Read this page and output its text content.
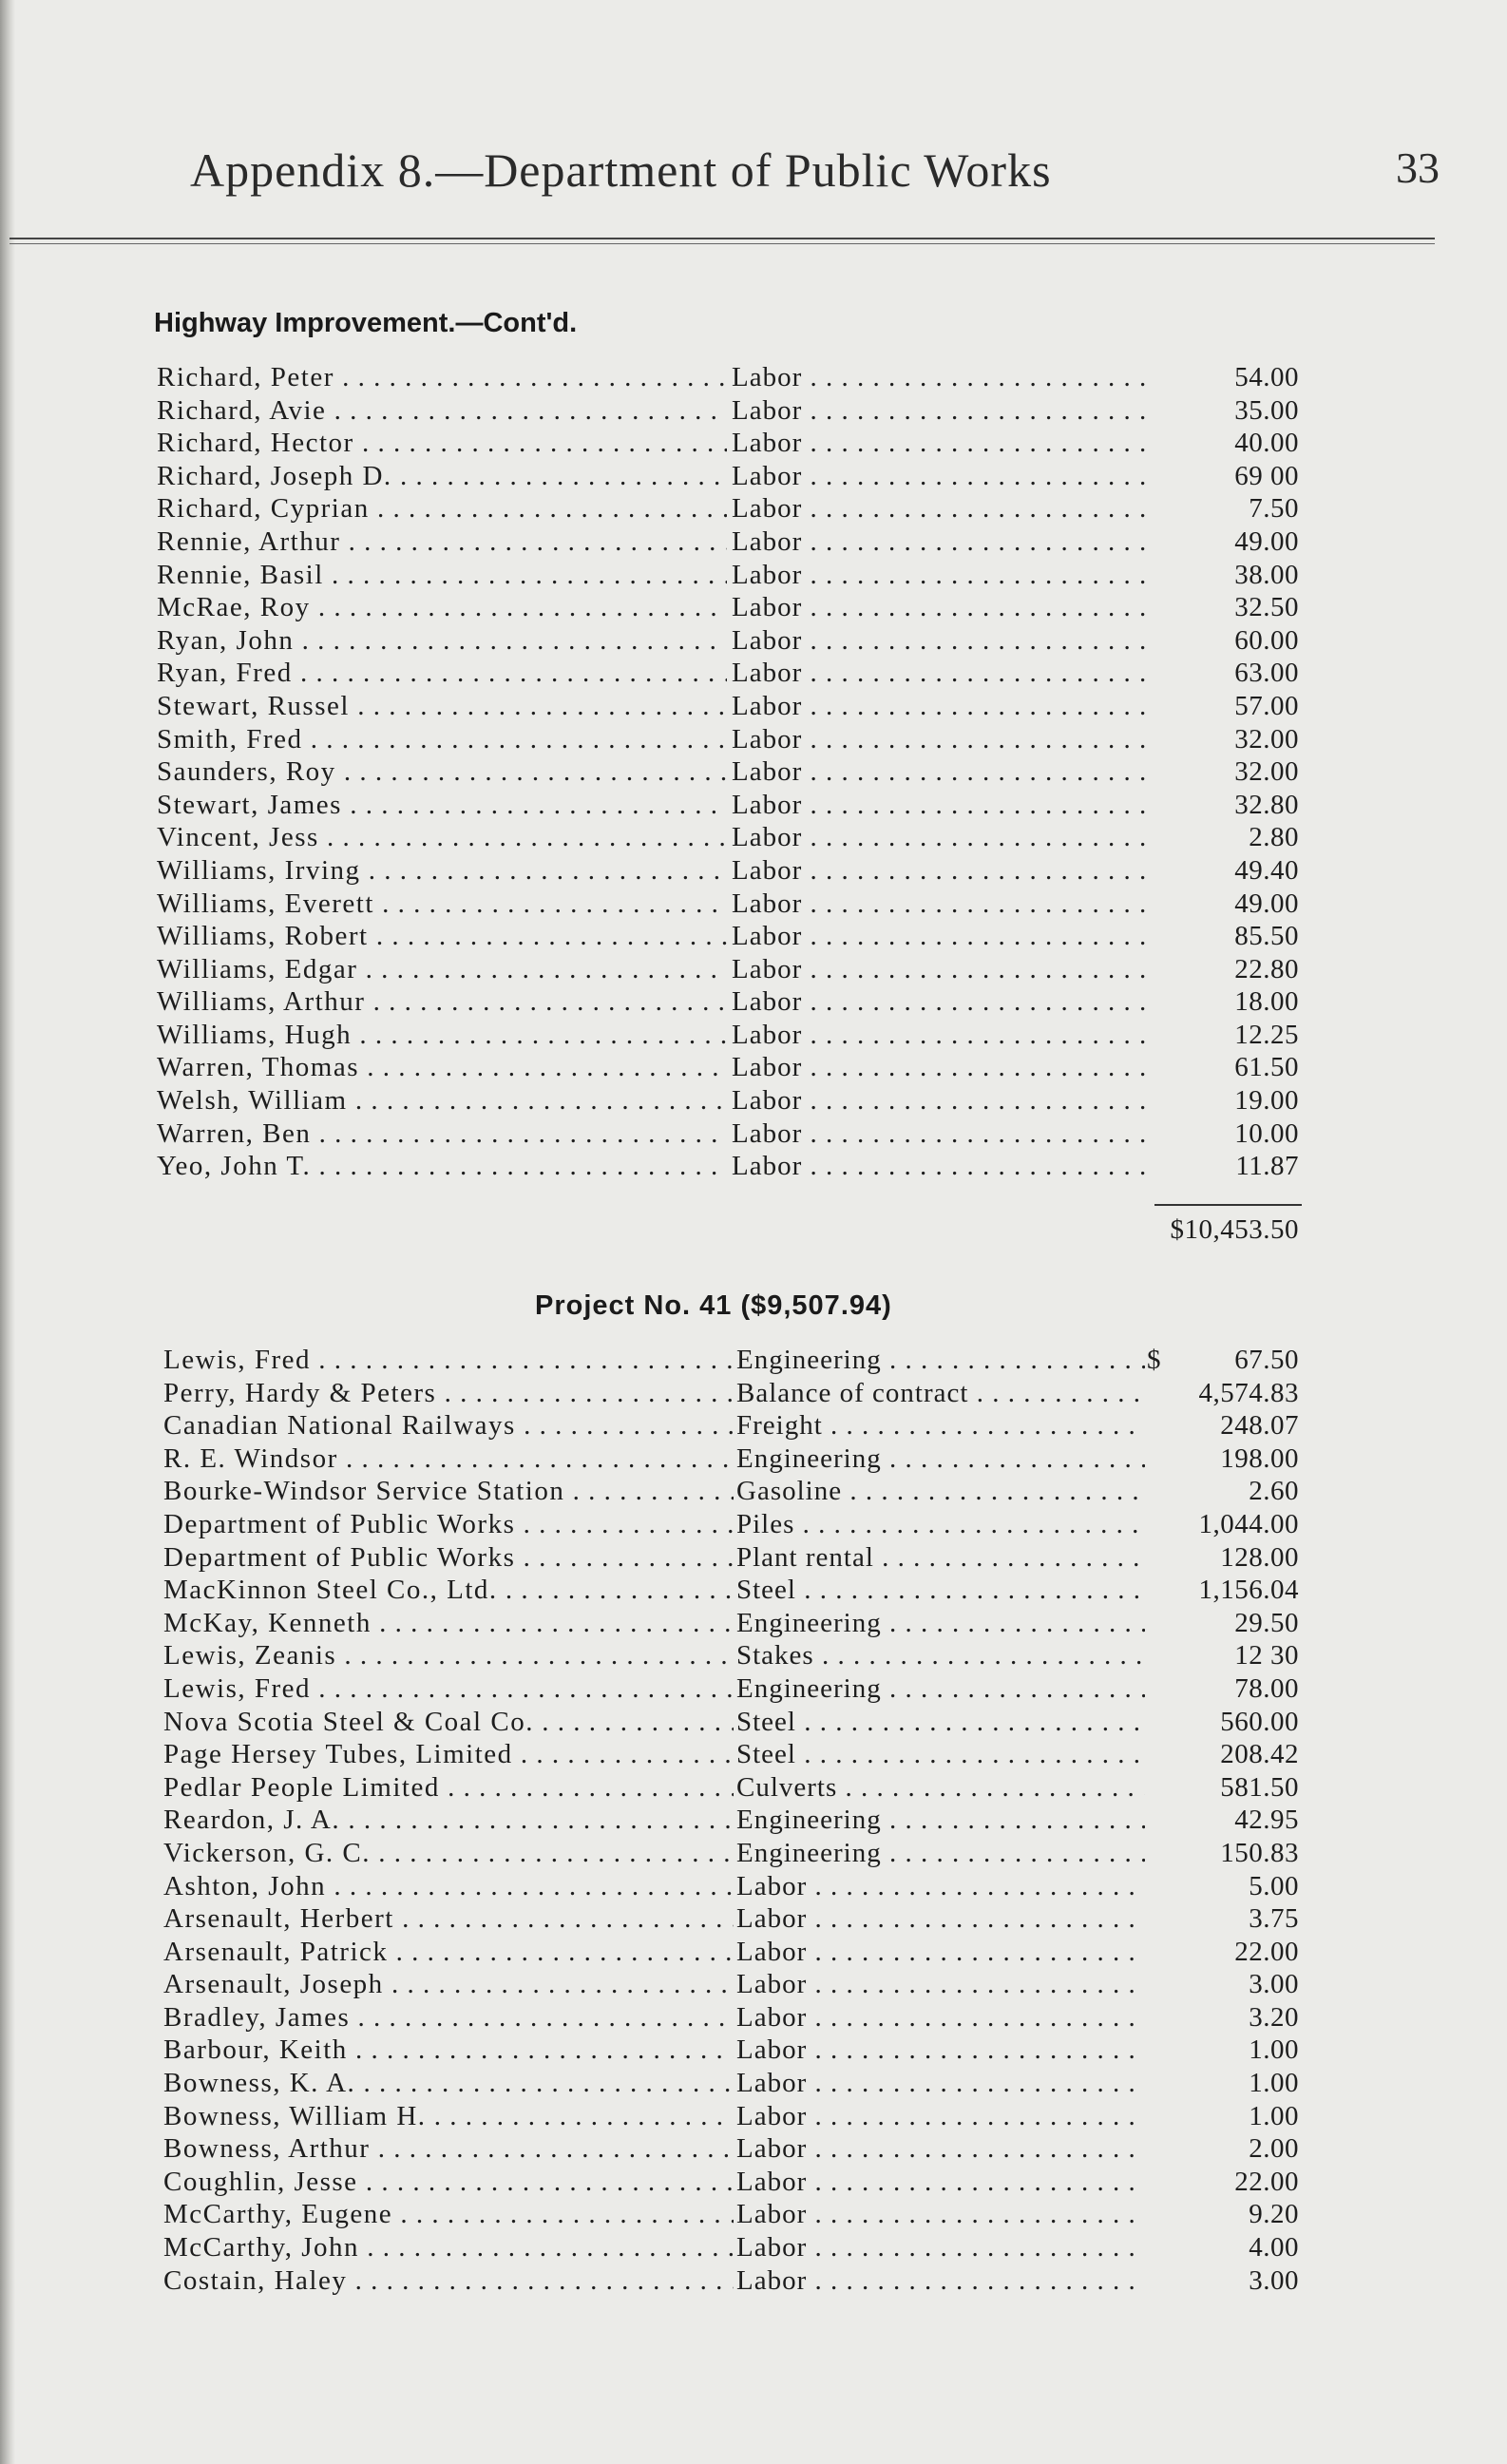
Appendix 8.—Department of Public Works	33
Highway Improvement.—Cont'd.
Richard, Peter . . .	Labor . . .	54.00
Richard, Avie . . .	Labor . . .	35.00
Richard, Hector . . .	Labor . . .	40.00
Richard, Joseph D. . . .	Labor . . .	69 00
Richard, Cyprian . . .	Labor . . .	7.50
Rennie, Arthur . . .	Labor . . .	49.00
Rennie, Basil . . .	Labor . . .	38.00
McRae, Roy . . .	Labor . . .	32.50
Ryan, John . . .	Labor . . .	60.00
Ryan, Fred . . .	Labor . . .	63.00
Stewart, Russel . . .	Labor . . .	57.00
Smith, Fred . . .	Labor . . .	32.00
Saunders, Roy . . .	Labor . . .	32.00
Stewart, James . . .	Labor . . .	32.80
Vincent, Jess . . .	Labor . . .	2.80
Williams, Irving . . .	Labor . . .	49.40
Williams, Everett . . .	Labor . . .	49.00
Williams, Robert . . .	Labor . . .	85.50
Williams, Edgar . . .	Labor . . .	22.80
Williams, Arthur . . .	Labor . . .	18.00
Williams, Hugh . . .	Labor . . .	12.25
Warren, Thomas . . .	Labor . . .	61.50
Welsh, William . . .	Labor . . .	19.00
Warren, Ben . . .	Labor . . .	10.00
Yeo, John T. . . .	Labor . . .	11.87
$10,453.50
Project No. 41 ($9,507.94)
Lewis, Fred . . .	Engineering . . .	$	67.50
Perry, Hardy & Peters . . .	Balance of contract . . .	4,574.83
Canadian National Railways . . .	Freight . . .	248.07
R. E. Windsor . . .	Engineering . . .	198.00
Bourke-Windsor Service Station . . .	Gasoline . . .	2.60
Department of Public Works . . .	Piles . . .	1,044.00
Department of Public Works . . .	Plant rental . . .	128.00
MacKinnon Steel Co., Ltd. . . .	Steel . . .	1,156.04
McKay, Kenneth . . .	Engineering . . .	29.50
Lewis, Zeanis . . .	Stakes . . .	12 30
Lewis, Fred . . .	Engineering . . .	78.00
Nova Scotia Steel & Coal Co. . . .	Steel . . .	560.00
Page Hersey Tubes, Limited . . .	Steel . . .	208.42
Pedlar People Limited . . .	Culverts . . .	581.50
Reardon, J. A. . . .	Engineering . . .	42.95
Vickerson, G. C. . . .	Engineering . . .	150.83
Ashton, John . . .	Labor . . .	5.00
Arsenault, Herbert . . .	Labor . . .	3.75
Arsenault, Patrick . . .	Labor . . .	22.00
Arsenault, Joseph . . .	Labor . . .	3.00
Bradley, James . . .	Labor . . .	3.20
Barbour, Keith . . .	Labor . . .	1.00
Bowness, K. A. . . .	Labor . . .	1.00
Bowness, William H. . . .	Labor . . .	1.00
Bowness, Arthur . . .	Labor . . .	2.00
Coughlin, Jesse . . .	Labor . . .	22.00
McCarthy, Eugene . . .	Labor . . .	9.20
McCarthy, John . . .	Labor . . .	4.00
Costain, Haley . . .	Labor . . .	3.00
